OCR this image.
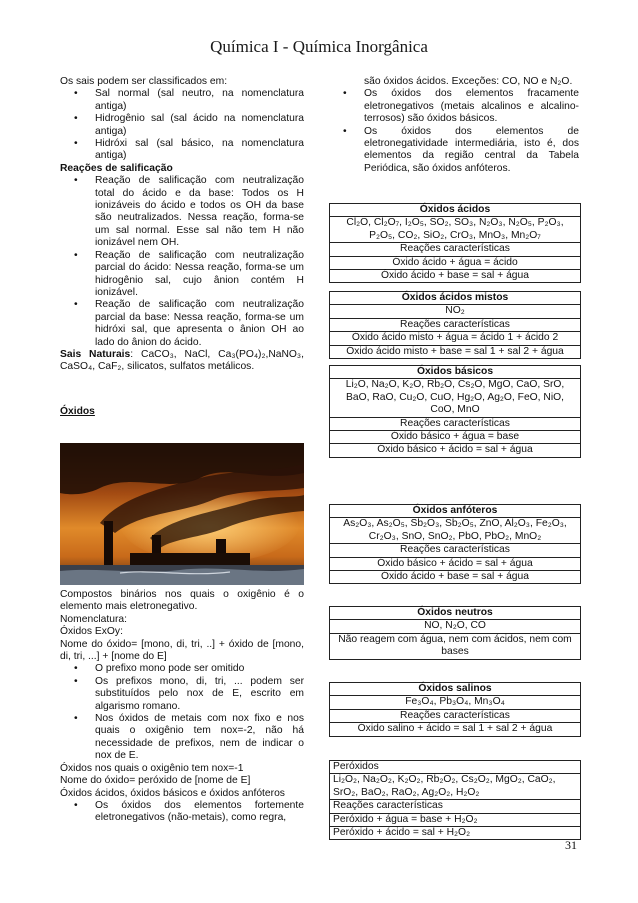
Química I - Química Inorgânica

Os sais podem ser classificados em:

• Sal normal (sal neutro, na nomenclatura antiga)
• Hidrogênio sal (sal ácido na nomenclatura antiga)
• Hidróxi sal (sal básico, na nomenclatura antiga)

Reações de salificação

• Reação de salificação com neutralização total do ácido e da base: Todos os H ionizáveis do ácido e todos os OH da base são neutralizados. Nessa reação, forma-se um sal normal. Esse sal não tem H não ionizável nem OH.
• Reação de salificação com neutralização parcial do ácido: Nessa reação, forma-se um hidrogênio sal, cujo ânion contém H ionizável.
• Reação de salificação com neutralização parcial da base: Nessa reação, forma-se um hidróxi sal, que apresenta o ânion OH ao lado do ânion do ácido.

Sais Naturais: CaCO₃, NaCl, Ca₃(PO₄)₂,NaNO₃, CaSO₄, CaF₂, silicatos, sulfatos metálicos.

Óxidos

Compostos binários nos quais o oxigênio é o elemento mais eletronegativo.

Nomenclatura:

Óxidos ExOy:

Nome do óxido= [mono, di, tri, ..] + óxido de [mono, di, tri, ...] + [nome do E]

• O prefixo mono pode ser omitido
• Os prefixos mono, di, tri, ... podem ser substituídos pelo nox de E, escrito em algarismo romano.
• Nos óxidos de metais com nox fixo e nos quais o oxigênio tem nox=-2, não há necessidade de prefixos, nem de indicar o nox de E.

Óxidos nos quais o oxigênio tem nox=-1

Nome do óxido= peróxido de [nome de E]

Óxidos ácidos, óxidos básicos e óxidos anfóteros

• Os óxidos dos elementos fortemente eletronegativos (não-metais), como regra,

são óxidos ácidos. Exceções: CO, NO e N₂O.

• Os óxidos dos elementos fracamente eletronegativos (metais alcalinos e alcalino-terrosos) são óxidos básicos.
• Os óxidos dos elementos de eletronegatividade intermediária, isto é, dos elementos da região central da Tabela Periódica, são óxidos anfóteros.
Óxidos ácidos
Cl₂O, Cl₂O₇, I₂O₅, SO₂, SO₃, N₂O₃, N₂O₅, P₂O₃, P₂O₅, CO₂, SiO₂, CrO₃, MnO₃, Mn₂O₇
Reações características
Óxido ácido + água = ácido
Óxido ácido + base = sal + água
Óxidos ácidos mistos
NO₂
Reações características
Óxido ácido misto + água = ácido 1 + ácido 2
Óxido ácido misto + base = sal 1 + sal 2 + água
Óxidos básicos
Li₂O, Na₂O, K₂O, Rb₂O, Cs₂O, MgO, CaO, SrO, BaO, RaO, Cu₂O, CuO, Hg₂O, Ag₂O, FeO, NiO, CoO, MnO
Reações características
Óxido básico + água = base
Óxido básico + ácido = sal + água
Óxidos anfóteros
As₂O₃, As₂O₅, Sb₂O₃, Sb₂O₅, ZnO, Al₂O₃, Fe₂O₃, Cr₂O₃, SnO, SnO₂, PbO, PbO₂, MnO₂
Reações características
Óxido básico + ácido = sal + água
Óxido ácido + base = sal + água
Óxidos neutros
NO, N₂O, CO
Não reagem com água, nem com ácidos, nem com bases
Óxidos salinos
Fe₃O₄, Pb₃O₄, Mn₃O₄
Reações características
Óxido salino + ácido = sal 1 + sal 2 + água
Peróxidos
Li₂O₂, Na₂O₂, K₂O₂, Rb₂O₂, Cs₂O₂, MgO₂, CaO₂, SrO₂, BaO₂, RaO₂, Ag₂O₂, H₂O₂
Reações características
Peróxido + água = base + H₂O₂
Peróxido + ácido = sal + H₂O₂
31
